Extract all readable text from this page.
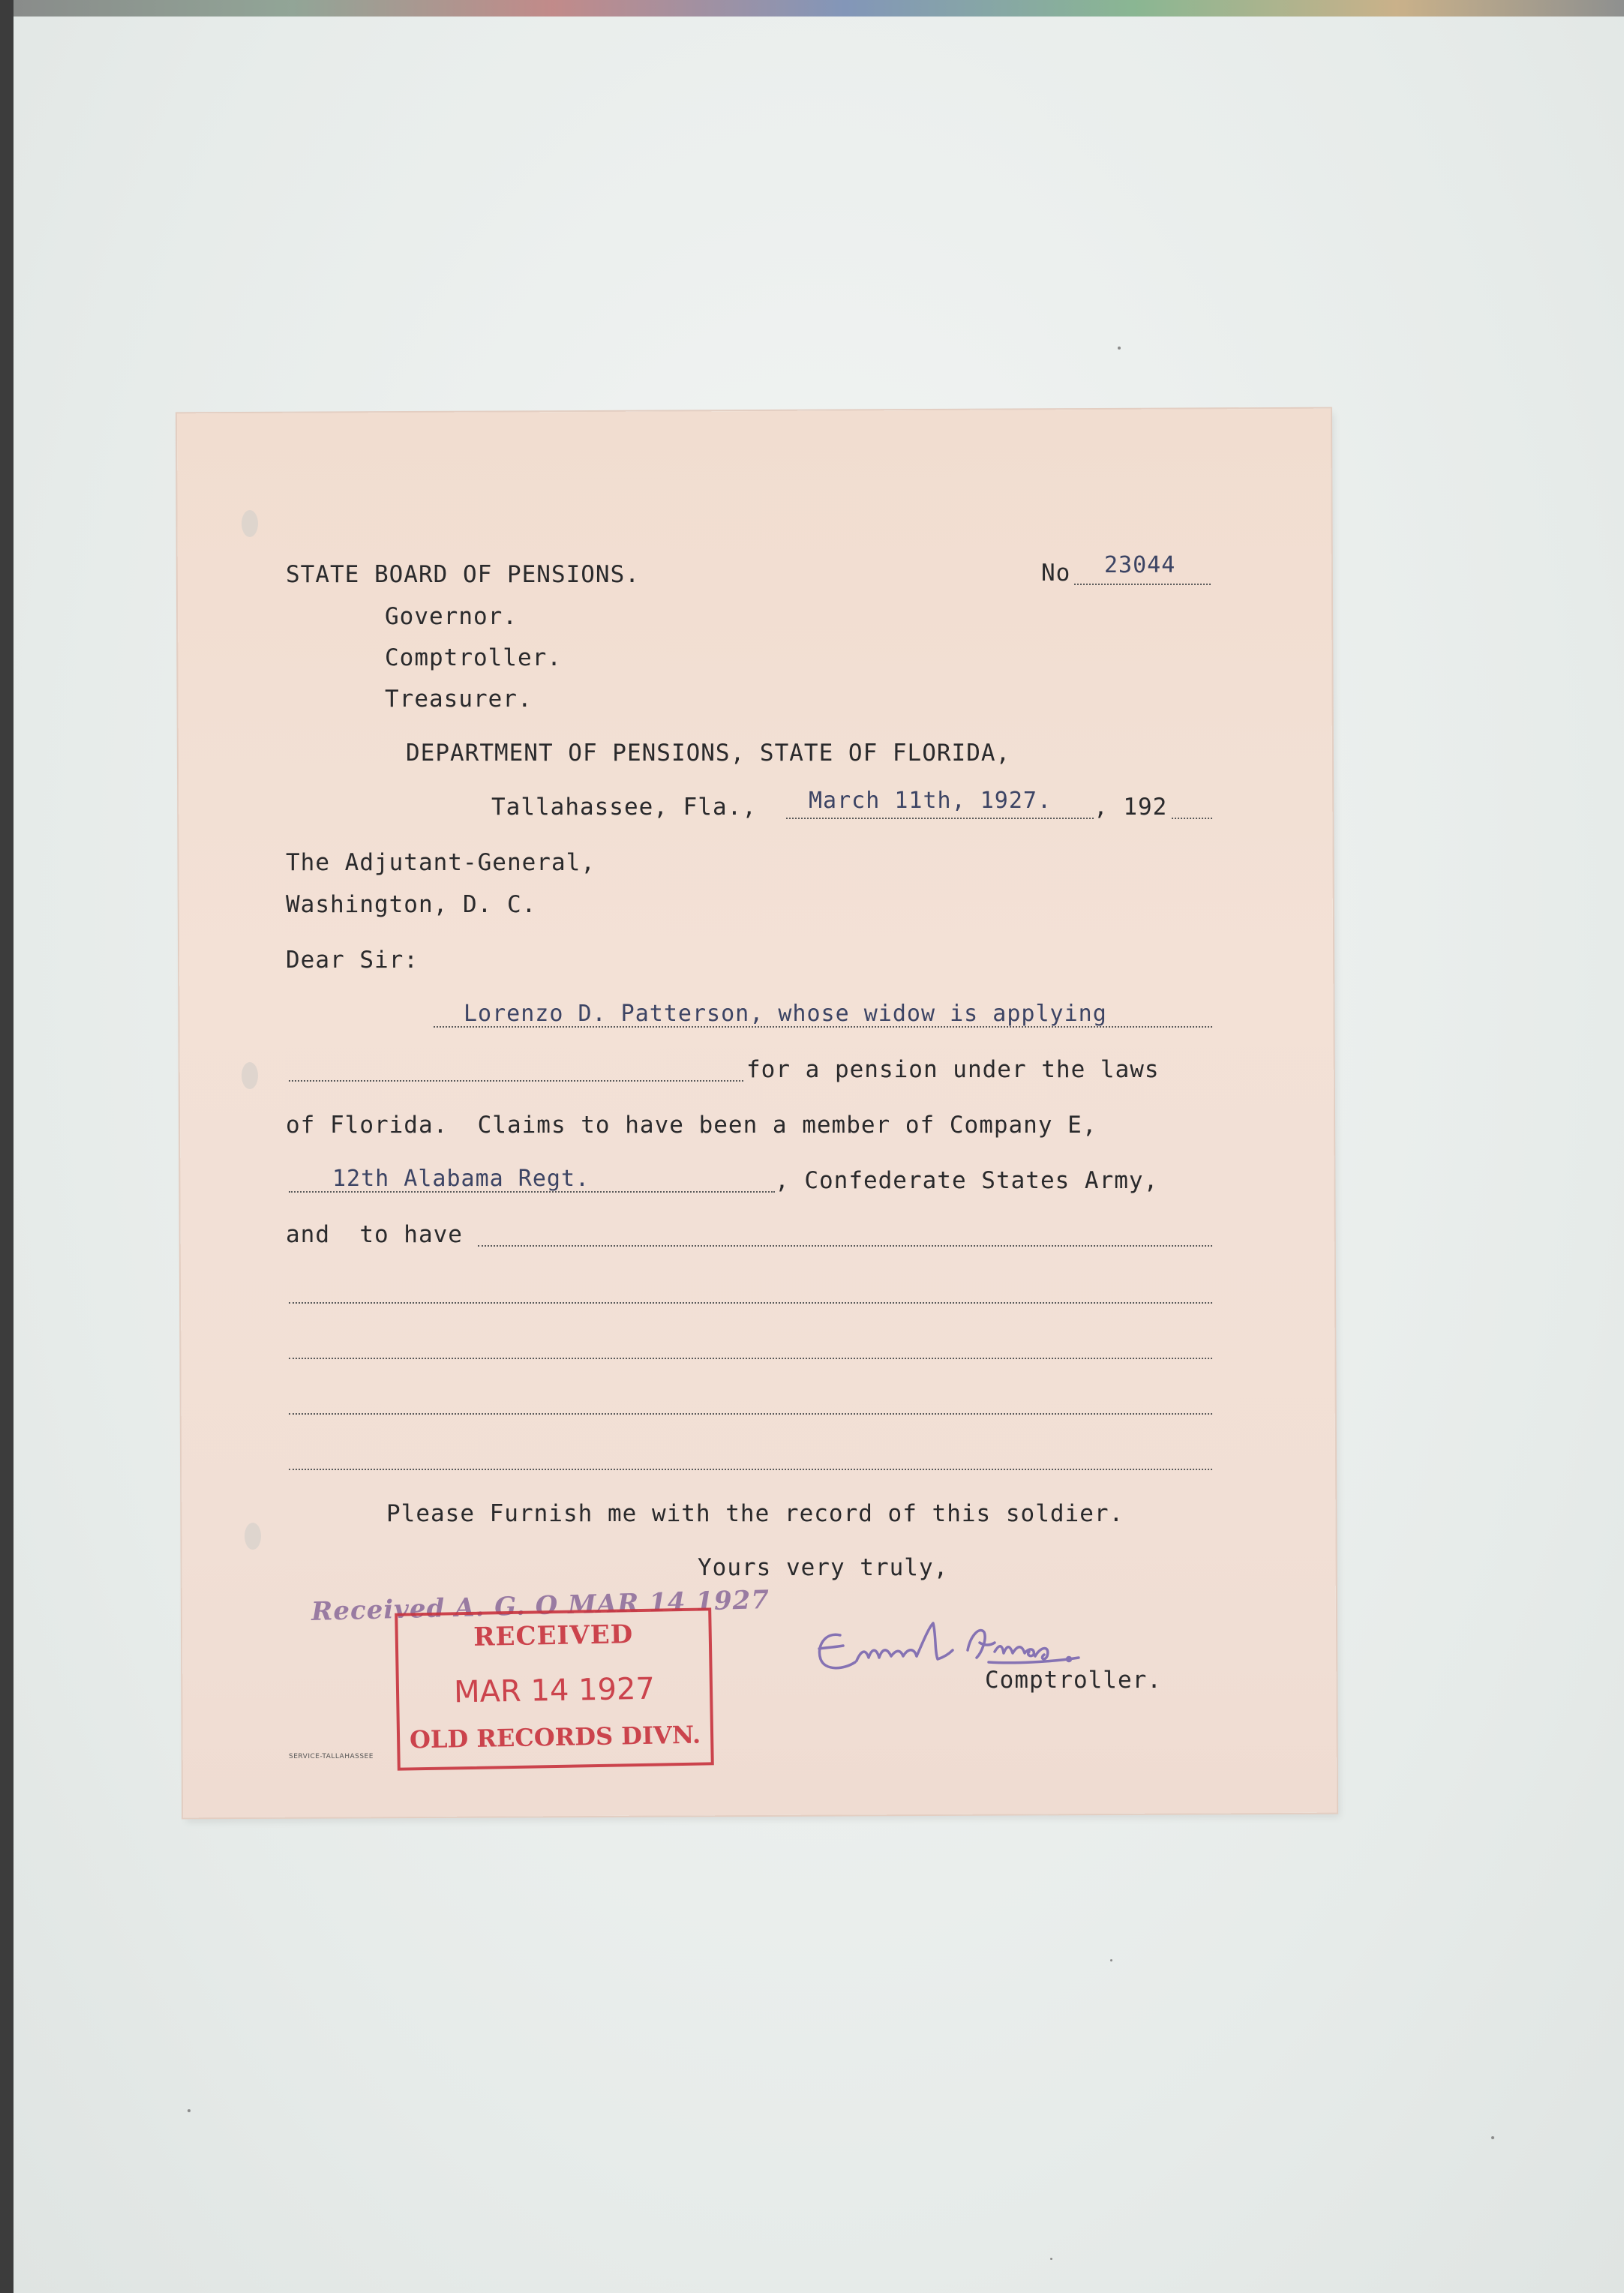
STATE BOARD OF PENSIONS.	No 23044
Governor.
Comptroller.
Treasurer.
DEPARTMENT OF PENSIONS, STATE OF FLORIDA,
Tallahassee, Fla., March 11th, 1927. , 192
The Adjutant-General,
Washington, D. C.
Dear Sir:
Lorenzo D. Patterson, whose widow is applying
for a pension under the laws
of Florida.  Claims to have been a member of Company E,
12th Alabama Regt.	, Confederate States Army,
and  to have
Please Furnish me with the record of this soldier.
Yours very truly,
Comptroller.
Received A. G. O MAR 14 1927
RECEIVED
MAR 14 1927
OLD RECORDS DIVN.
SERVICE-TALLAHASSEE
